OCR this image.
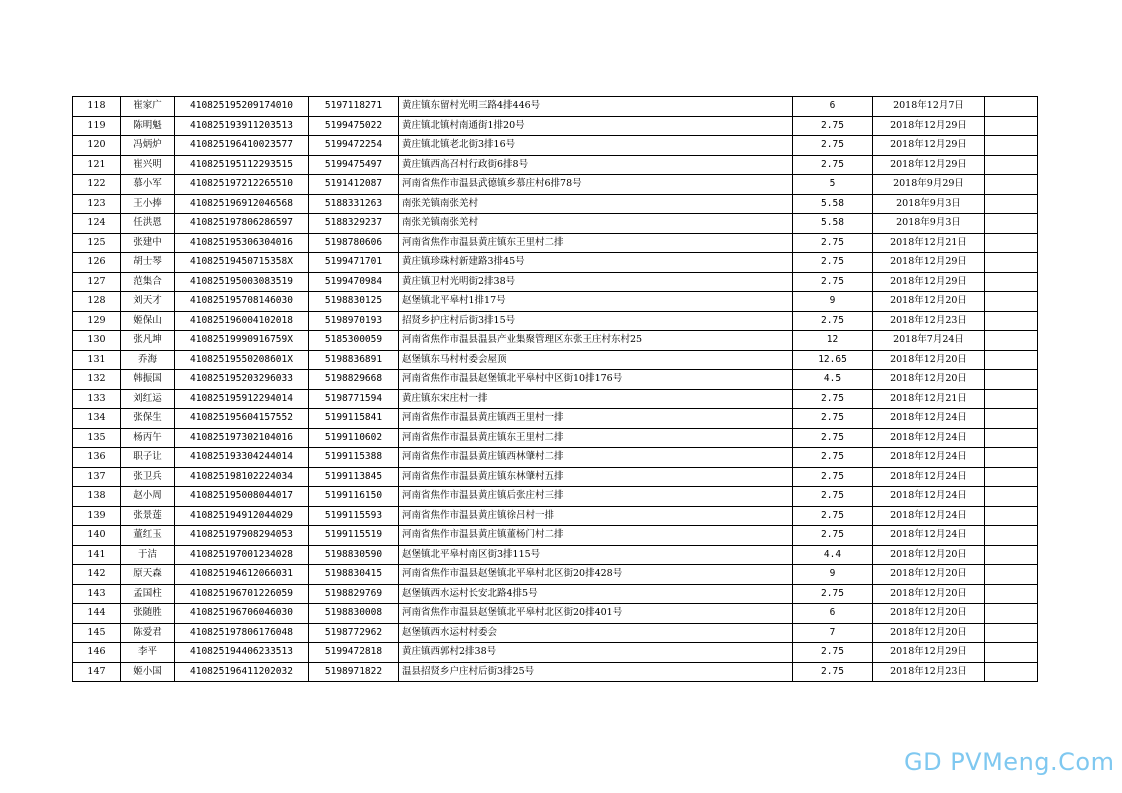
118	崔家广	410825195209174010	5197118271	黄庄镇东留村光明三路4排446号	6	2018年12月7日	
119	陈明魁	410825193911203513	5199475022	黄庄镇北镇村南通街1排20号	2.75	2018年12月29日	
120	冯炳炉	410825196410023577	5199472254	黄庄镇北镇老北街3排16号	2.75	2018年12月29日	
121	崔兴明	410825195112293515	5199475497	黄庄镇西高召村行政街6排8号	2.75	2018年12月29日	
122	慕小军	410825197212265510	5191412087	河南省焦作市温县武德镇乡慕庄村6排78号	5	2018年9月29日	
123	王小捧	410825196912046568	5188331263	南张羌镇南张羌村	5.58	2018年9月3日	
124	任洪恩	410825197806286597	5188329237	南张羌镇南张羌村	5.58	2018年9月3日	
125	张建中	410825195306304016	5198780606	河南省焦作市温县黄庄镇东王里村二排	2.75	2018年12月21日	
126	胡士琴	41082519450715358X	5199471701	黄庄镇珍珠村新建路3排45号	2.75	2018年12月29日	
127	范集合	410825195003083519	5199470984	黄庄镇卫村光明街2排38号	2.75	2018年12月29日	
128	刘天才	410825195708146030	5198830125	赵堡镇北平皋村1排17号	9	2018年12月20日	
129	姬保山	410825196004102018	5198970193	招贤乡护庄村后街3排15号	2.75	2018年12月23日	
130	张凡坤	41082519990916759X	5185300059	河南省焦作市温县温县产业集聚管理区东张王庄村东村25	12	2018年7月24日	
131	乔海	41082519550208601X	5198836891	赵堡镇东马村村委会屋顶	12.65	2018年12月20日	
132	韩振国	410825195203296033	5198829668	河南省焦作市温县赵堡镇北平皋村中区街10排176号	4.5	2018年12月20日	
133	刘红运	410825195912294014	5198771594	黄庄镇东宋庄村一排	2.75	2018年12月21日	
134	张保生	410825195604157552	5199115841	河南省焦作市温县黄庄镇西王里村一排	2.75	2018年12月24日	
135	杨丙午	410825197302104016	5199110602	河南省焦作市温县黄庄镇东王里村二排	2.75	2018年12月24日	
136	职子让	410825193304244014	5199115388	河南省焦作市温县黄庄镇西林肇村二排	2.75	2018年12月24日	
137	张卫兵	410825198102224034	5199113845	河南省焦作市温县黄庄镇东林肇村五排	2.75	2018年12月24日	
138	赵小周	410825195008044017	5199116150	河南省焦作市温县黄庄镇后张庄村三排	2.75	2018年12月24日	
139	张景莲	410825194912044029	5199115593	河南省焦作市温县黄庄镇徐吕村一排	2.75	2018年12月24日	
140	董红玉	410825197908294053	5199115519	河南省焦作市温县黄庄镇董杨门村二排	2.75	2018年12月24日	
141	于洁	410825197001234028	5198830590	赵堡镇北平皋村南区街3排115号	4.4	2018年12月20日	
142	原天森	410825194612066031	5198830415	河南省焦作市温县赵堡镇北平皋村北区街20排428号	9	2018年12月20日	
143	孟国柱	410825196701226059	5198829769	赵堡镇西水运村长安北路4排5号	2.75	2018年12月20日	
144	张随胜	410825196706046030	5198830008	河南省焦作市温县赵堡镇北平皋村北区街20排401号	6	2018年12月20日	
145	陈爱君	410825197806176048	5198772962	赵堡镇西水运村村委会	7	2018年12月20日	
146	李平	410825194406233513	5199472818	黄庄镇西郭村2排38号	2.75	2018年12月29日	
147	姬小国	410825196411202032	5198971822	温县招贤乡户庄村后街3排25号	2.75	2018年12月23日	
GD PVMeng.Com
